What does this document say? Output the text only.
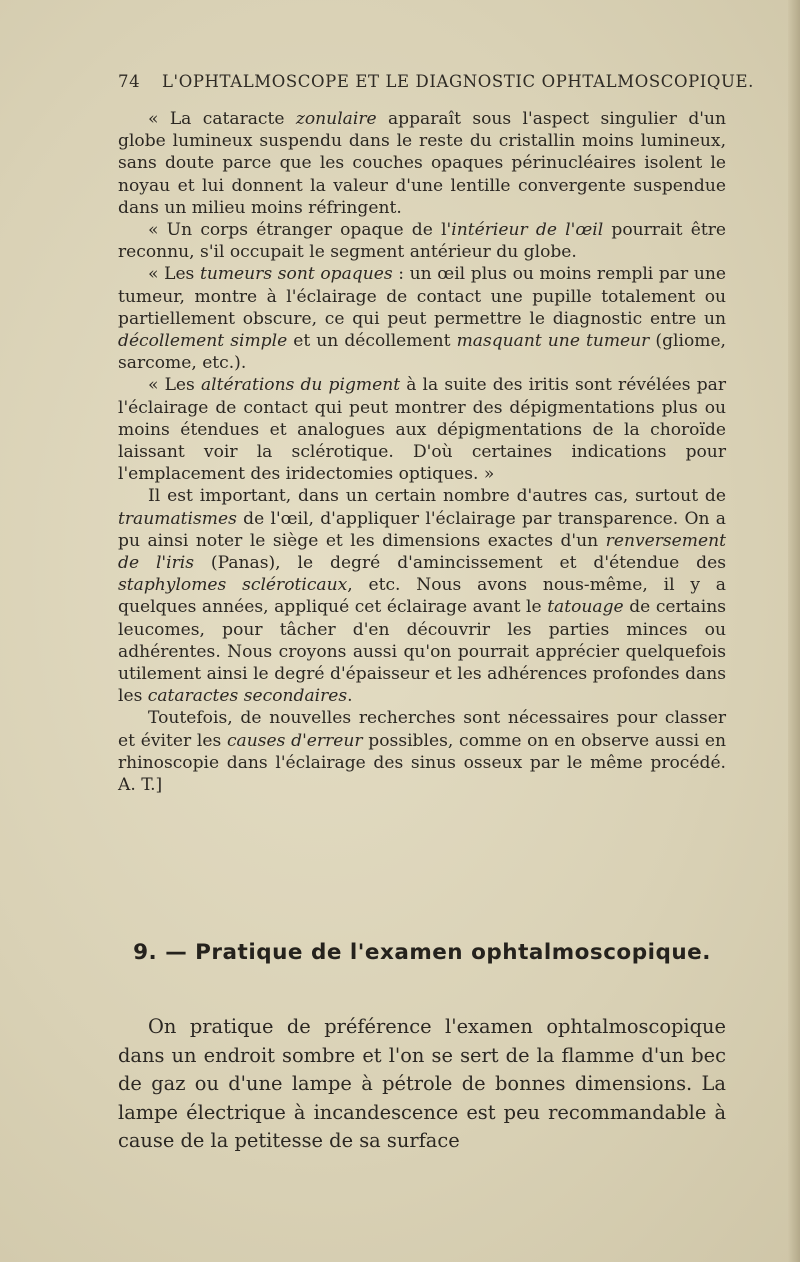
74 L'OPHTALMOSCOPE ET LE DIAGNOSTIC OPHTALMOSCOPIQUE.

« La cataracte zonulaire apparaît sous l'aspect singulier d'un globe lumineux suspendu dans le reste du cristallin moins lumineux, sans doute parce que les couches opaques périnucléaires isolent le noyau et lui donnent la valeur d'une lentille convergente suspendue dans un milieu moins réfringent.

« Un corps étranger opaque de l'intérieur de l'œil pourrait être reconnu, s'il occupait le segment antérieur du globe.

« Les tumeurs sont opaques : un œil plus ou moins rempli par une tumeur, montre à l'éclairage de contact une pupille totalement ou partiellement obscure, ce qui peut permettre le diagnostic entre un décollement simple et un décollement masquant une tumeur (gliome, sarcome, etc.).

« Les altérations du pigment à la suite des iritis sont révélées par l'éclairage de contact qui peut montrer des dépigmentations plus ou moins étendues et analogues aux dépigmentations de la choroïde laissant voir la sclérotique. D'où certaines indications pour l'emplacement des iridectomies optiques. »

Il est important, dans un certain nombre d'autres cas, surtout de traumatismes de l'œil, d'appliquer l'éclairage par transparence. On a pu ainsi noter le siège et les dimensions exactes d'un renversement de l'iris (Panas), le degré d'amincissement et d'étendue des staphylomes scléroticaux, etc. Nous avons nous-même, il y a quelques années, appliqué cet éclairage avant le tatouage de certains leucomes, pour tâcher d'en découvrir les parties minces ou adhérentes. Nous croyons aussi qu'on pourrait apprécier quelquefois utilement ainsi le degré d'épaisseur et les adhérences profondes dans les cataractes secondaires.

Toutefois, de nouvelles recherches sont nécessaires pour classer et éviter les causes d'erreur possibles, comme on en observe aussi en rhinoscopie dans l'éclairage des sinus osseux par le même procédé. A. T.]

9. — Pratique de l'examen ophtalmoscopique.

On pratique de préférence l'examen ophtalmoscopique dans un endroit sombre et l'on se sert de la flamme d'un bec de gaz ou d'une lampe à pétrole de bonnes dimensions. La lampe électrique à incandescence est peu recommandable à cause de la petitesse de sa surface
